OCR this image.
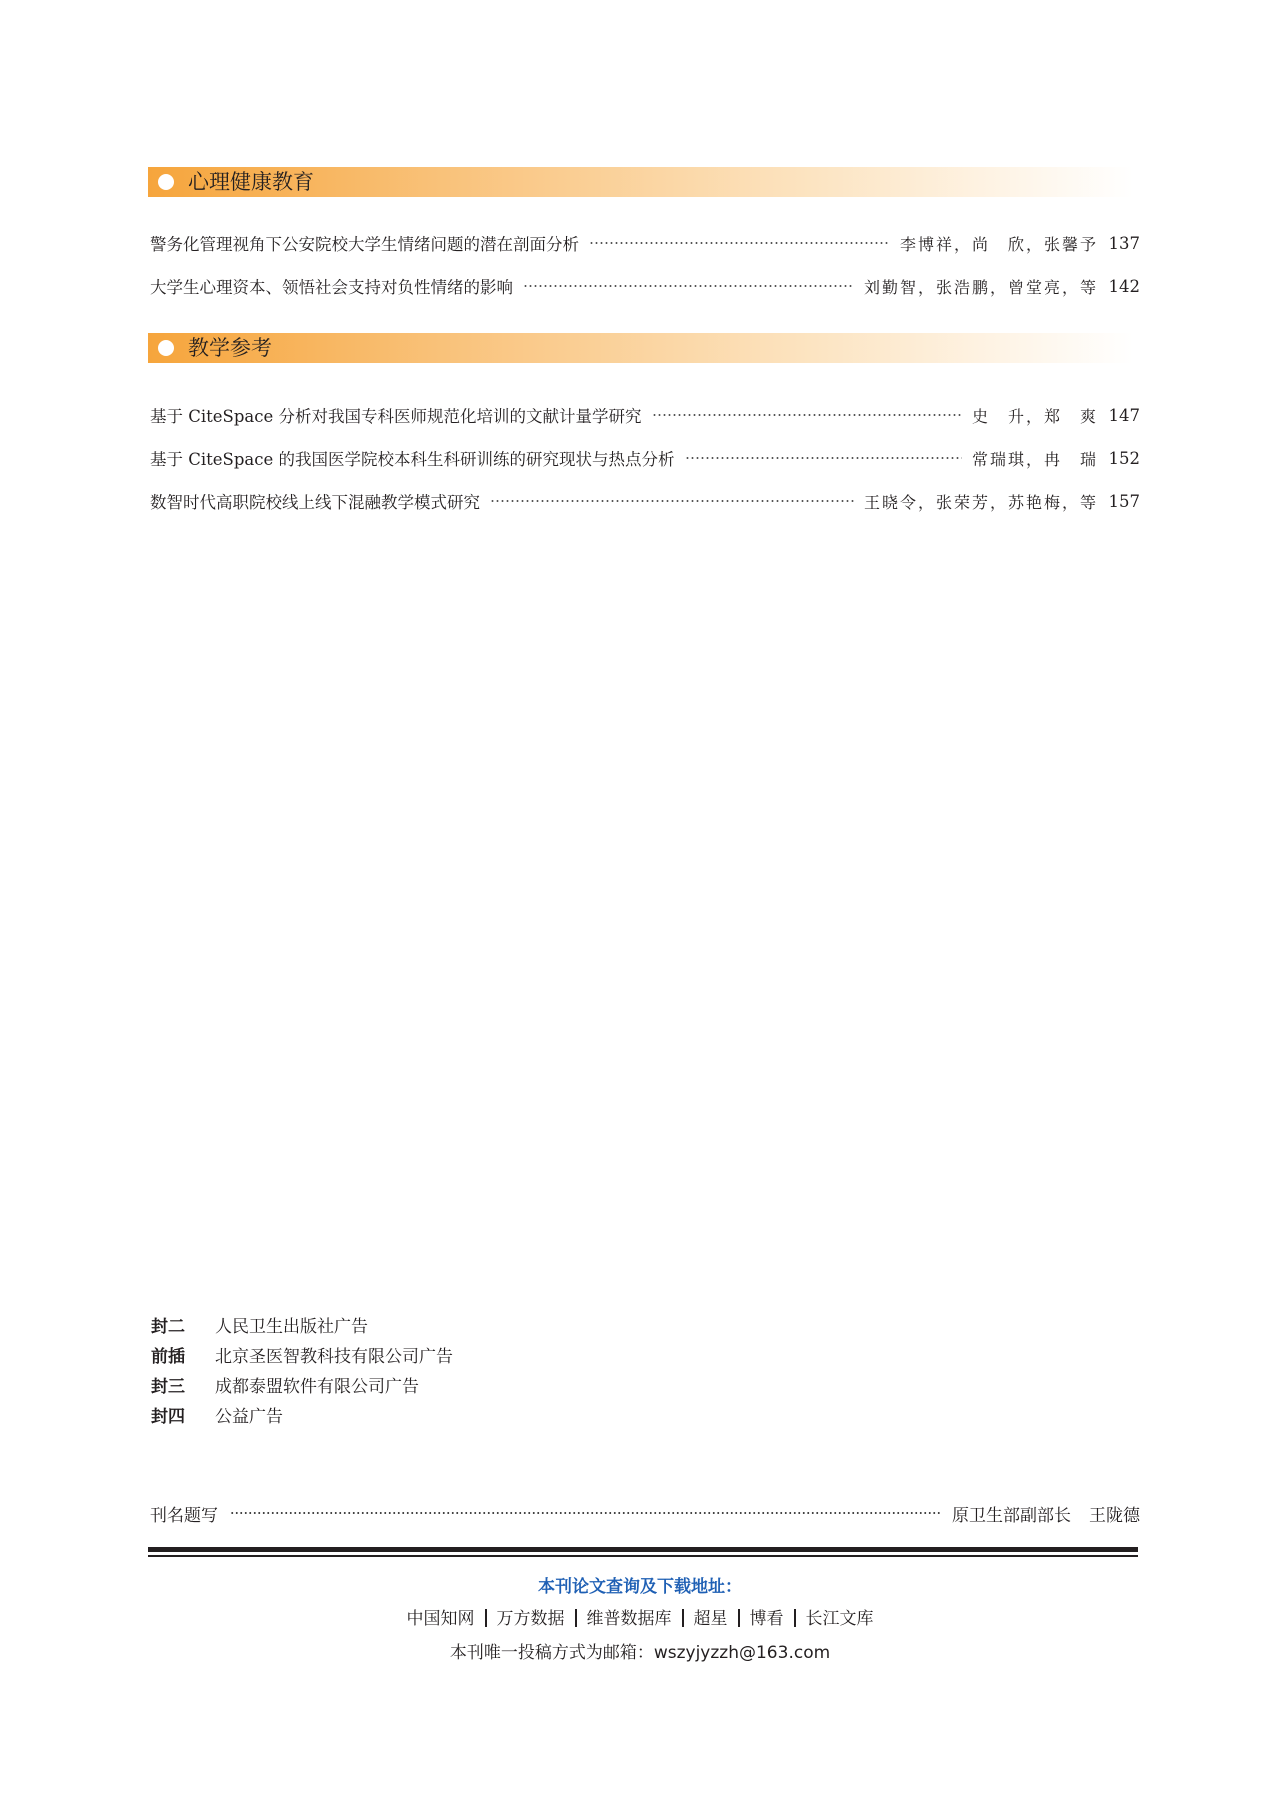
心理健康教育
警务化管理视角下公安院校大学生情绪问题的潜在剖面分析	李博祥，尚　欣，张馨予 137
大学生心理资本、领悟社会支持对负性情绪的影响	刘勤智，张浩鹏，曾堂亮，等 142
教学参考
基于 CiteSpace 分析对我国专科医师规范化培训的文献计量学研究	史　升，郑　爽 147
基于 CiteSpace 的我国医学院校本科生科研训练的研究现状与热点分析	常瑞琪，冉　瑞 152
数智时代高职院校线上线下混融教学模式研究	王晓令，张荣芳，苏艳梅，等 157
封二	人民卫生出版社广告
前插	北京圣医智教科技有限公司广告
封三	成都泰盟软件有限公司广告
封四	公益广告
刊名题写	原卫生部副部长 王陇德
本刊论文查询及下载地址：
中国知网 万方数据 维普数据库 超星 博看 长江文库
本刊唯一投稿方式为邮箱：wszyjyzzh@163.com
